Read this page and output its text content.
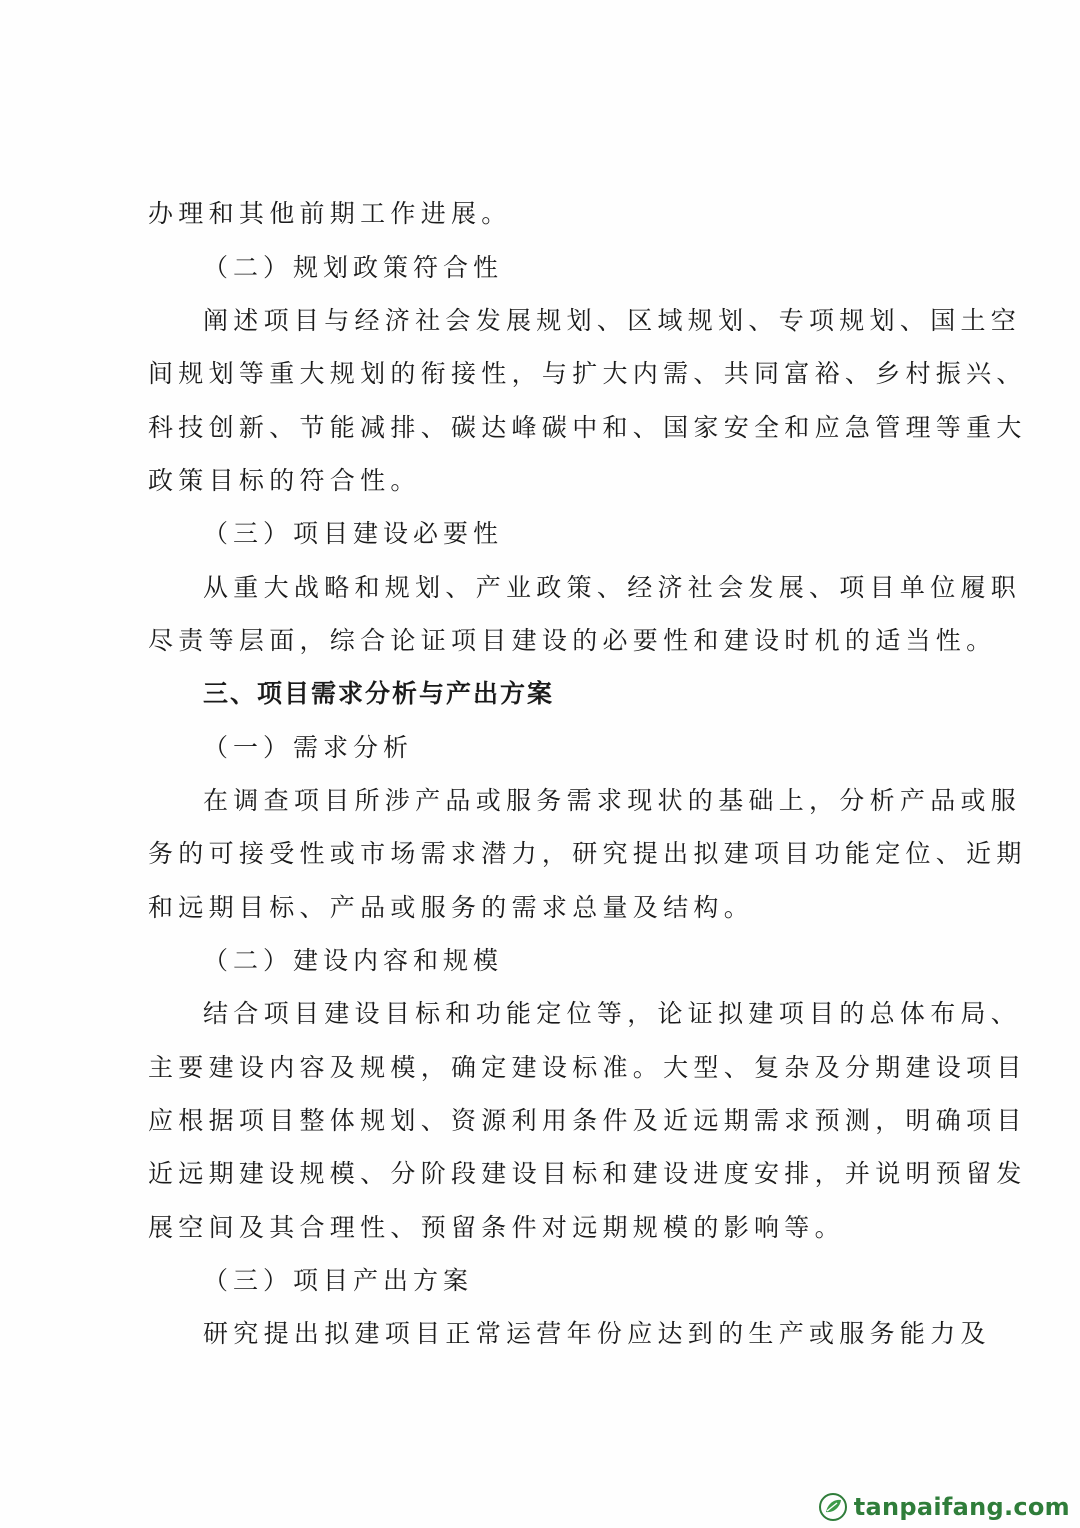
办理和其他前期工作进展。
（二）规划政策符合性
阐述项目与经济社会发展规划、区域规划、专项规划、国土空
间规划等重大规划的衔接性，与扩大内需、共同富裕、乡村振兴、
科技创新、节能减排、碳达峰碳中和、国家安全和应急管理等重大
政策目标的符合性。
（三）项目建设必要性
从重大战略和规划、产业政策、经济社会发展、项目单位履职
尽责等层面，综合论证项目建设的必要性和建设时机的适当性。
三、项目需求分析与产出方案
（一）需求分析
在调查项目所涉产品或服务需求现状的基础上，分析产品或服
务的可接受性或市场需求潜力，研究提出拟建项目功能定位、近期
和远期目标、产品或服务的需求总量及结构。
（二）建设内容和规模
结合项目建设目标和功能定位等，论证拟建项目的总体布局、
主要建设内容及规模，确定建设标准。大型、复杂及分期建设项目
应根据项目整体规划、资源利用条件及近远期需求预测，明确项目
近远期建设规模、分阶段建设目标和建设进度安排，并说明预留发
展空间及其合理性、预留条件对远期规模的影响等。
（三）项目产出方案
研究提出拟建项目正常运营年份应达到的生产或服务能力及
tanpaifang.com
